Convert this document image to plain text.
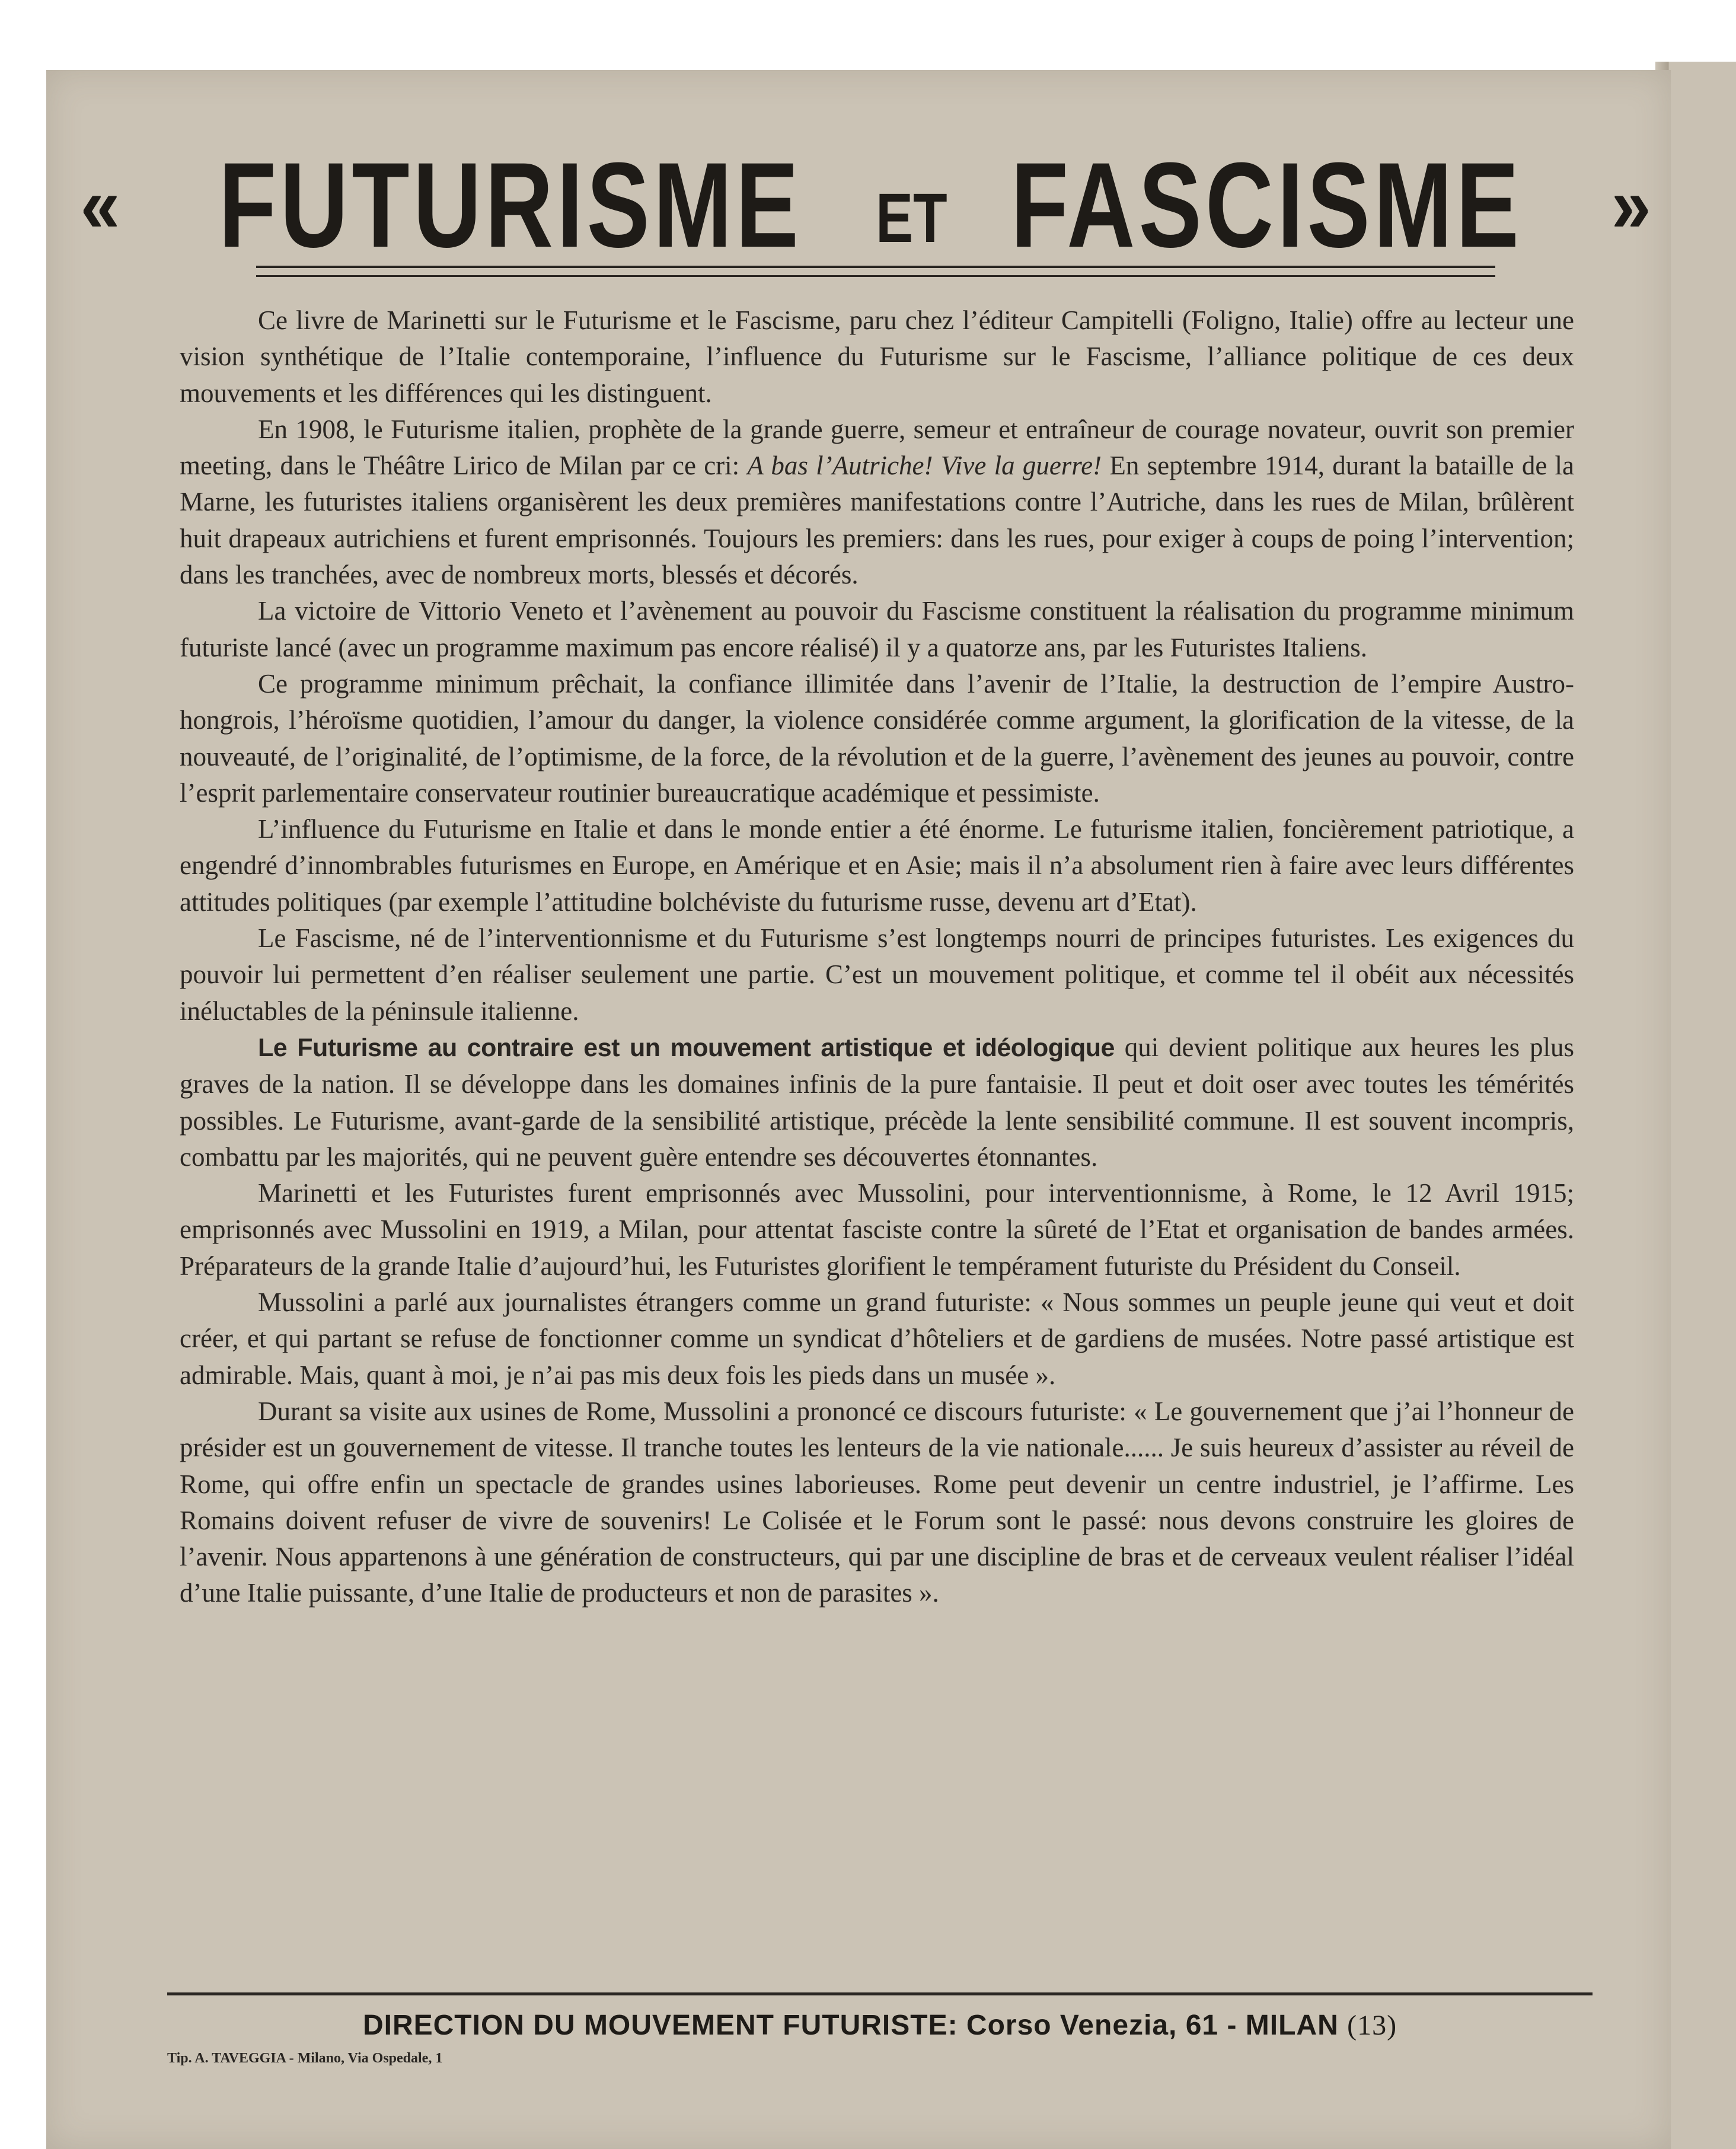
« FUTURISME ET FASCISME »

Ce livre de Marinetti sur le Futurisme et le Fascisme, paru chez l’éditeur Campitelli (Foligno, Italie) offre au lecteur une vision synthétique de l’Italie contemporaine, l’influence du Futurisme sur le Fascisme, l’alliance politique de ces deux mouvements et les différences qui les distinguent.

En 1908, le Futurisme italien, prophète de la grande guerre, semeur et entraîneur de courage novateur, ouvrit son premier meeting, dans le Théâtre Lirico de Milan par ce cri: A bas l’Autriche! Vive la guerre! En septembre 1914, durant la bataille de la Marne, les futuristes italiens organisèrent les deux premières manifestations contre l’Autriche, dans les rues de Milan, brûlèrent huit drapeaux autrichiens et furent emprisonnés. Toujours les premiers: dans les rues, pour exiger à coups de poing l’intervention; dans les tranchées, avec de nombreux morts, blessés et décorés.

La victoire de Vittorio Veneto et l’avènement au pouvoir du Fascisme constituent la réalisation du programme minimum futuriste lancé (avec un programme maximum pas encore réalisé) il y a quatorze ans, par les Futuristes Italiens.

Ce programme minimum prêchait, la confiance illimitée dans l’avenir de l’Italie, la destruction de l’empire Austro-hongrois, l’héroïsme quotidien, l’amour du danger, la violence considérée comme argument, la glorification de la vitesse, de la nouveauté, de l’originalité, de l’optimisme, de la force, de la révolution et de la guerre, l’avènement des jeunes au pouvoir, contre l’esprit parlementaire conservateur routinier bureaucratique académique et pessimiste.

L’influence du Futurisme en Italie et dans le monde entier a été énorme. Le futurisme italien, foncièrement patriotique, a engendré d’innombrables futurismes en Europe, en Amérique et en Asie; mais il n’a absolument rien à faire avec leurs différentes attitudes politiques (par exemple l’attitudine bolchéviste du futurisme russe, devenu art d’Etat).

Le Fascisme, né de l’interventionnisme et du Futurisme s’est longtemps nourri de principes futuristes. Les exigences du pouvoir lui permettent d’en réaliser seulement une partie. C’est un mouvement politique, et comme tel il obéit aux nécessités inéluctables de la péninsule italienne.

Le Futurisme au contraire est un mouvement artistique et idéologique qui devient politique aux heures les plus graves de la nation. Il se développe dans les domaines infinis de la pure fantaisie. Il peut et doit oser avec toutes les témérités possibles. Le Futurisme, avant-garde de la sensibilité artistique, précède la lente sensibilité commune. Il est souvent incompris, combattu par les majorités, qui ne peuvent guère entendre ses découvertes étonnantes.

Marinetti et les Futuristes furent emprisonnés avec Mussolini, pour interventionnisme, à Rome, le 12 Avril 1915; emprisonnés avec Mussolini en 1919, a Milan, pour attentat fasciste contre la sûreté de l’Etat et organisation de bandes armées. Préparateurs de la grande Italie d’aujourd’hui, les Futuristes glorifient le tempérament futuriste du Président du Conseil.

Mussolini a parlé aux journalistes étrangers comme un grand futuriste: « Nous sommes un peuple jeune qui veut et doit créer, et qui partant se refuse de fonctionner comme un syndicat d’hôteliers et de gardiens de musées. Notre passé artistique est admirable. Mais, quant à moi, je n’ai pas mis deux fois les pieds dans un musée ».

Durant sa visite aux usines de Rome, Mussolini a prononcé ce discours futuriste: « Le gouvernement que j’ai l’honneur de présider est un gouvernement de vitesse. Il tranche toutes les lenteurs de la vie nationale...... Je suis heureux d’assister au réveil de Rome, qui offre enfin un spectacle de grandes usines laborieuses. Rome peut devenir un centre industriel, je l’affirme. Les Romains doivent refuser de vivre de souvenirs! Le Colisée et le Forum sont le passé: nous devons construire les gloires de l’avenir. Nous appartenons à une génération de constructeurs, qui par une discipline de bras et de cerveaux veulent réaliser l’idéal d’une Italie puissante, d’une Italie de producteurs et non de parasites ».

DIRECTION DU MOUVEMENT FUTURISTE: Corso Venezia, 61 - MILAN (13)
Tip. A. TAVEGGIA - Milano, Via Ospedale, 1
